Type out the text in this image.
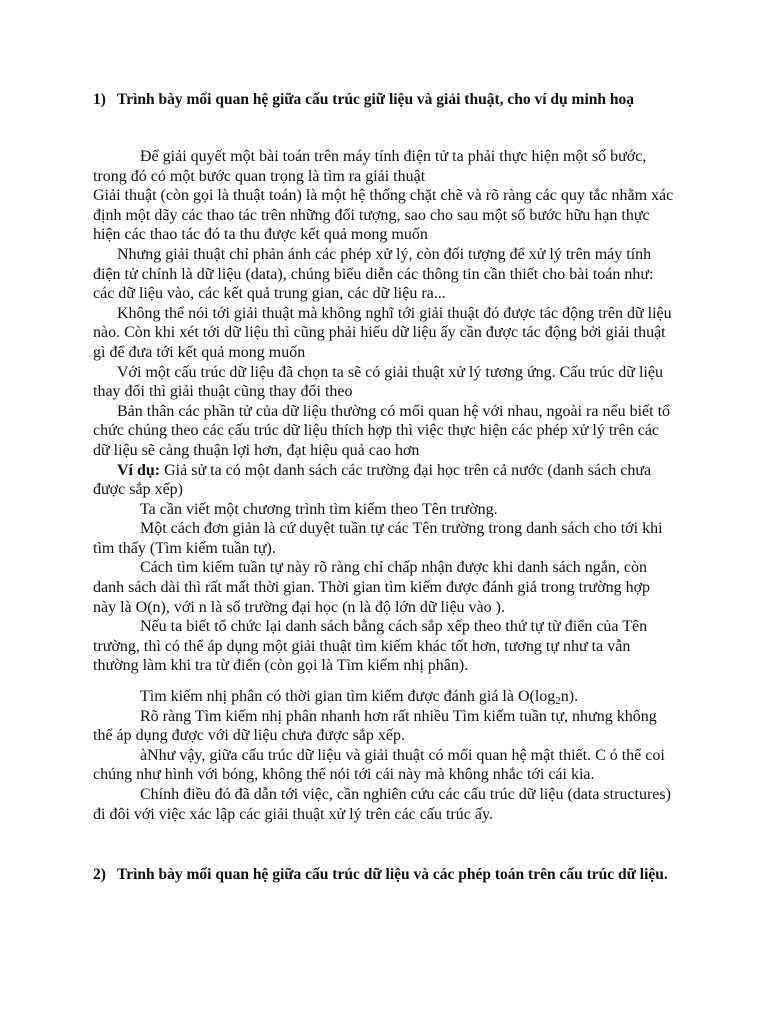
1) Trình bày mối quan hệ giữa cấu trúc giữ liệu và giải thuật, cho ví dụ minh hoạ

Để giải quyết một bài toán trên máy tính điện tử ta phải thực hiện một số bước, trong đó có một bước quan trọng là tìm ra giải thuật

Giải thuật (còn gọi là thuật toán) là một hệ thống chặt chẽ và rõ ràng các quy tắc nhằm xác định một dãy các thao tác trên những đối tượng, sao cho sau một số bước hữu hạn thực hiện các thao tác đó ta thu được kết quả mong muốn

Nhưng giải thuật chỉ phản ánh các phép xử lý, còn đối tượng để xử lý trên máy tính điện tử chính là dữ liệu (data), chúng biểu diễn các thông tin cần thiết cho bài toán như: các dữ liệu vào, các kết quả trung gian, các dữ liệu ra...

Không thể nói tới giải thuật mà không nghĩ tới giải thuật đó được tác động trên dữ liệu nào. Còn khi xét tới dữ liệu thì cũng phải hiểu dữ liệu ấy cần được tác động bởi giải thuật gì để đưa tới kết quả mong muốn

Với một cấu trúc dữ liệu đã chọn ta sẽ có giải thuật xử lý tương ứng. Cấu trúc dữ liệu thay đổi thì giải thuật cũng thay đổi theo

Bản thân các phần tử của dữ liệu thường có mối quan hệ với nhau, ngoài ra nếu biết tổ chức chúng theo các cấu trúc dữ liệu thích hợp thì việc thực hiện các phép xử lý trên các dữ liệu sẽ càng thuận lợi hơn, đạt hiệu quả cao hơn

Ví dụ: Giả sử ta có một danh sách các trường đại học trên cả nước (danh sách chưa được sắp xếp)

Ta cần viết một chương trình tìm kiếm theo Tên trường.

Một cách đơn giản là cứ duyệt tuần tự các Tên trường trong danh sách cho tới khi tìm thấy (Tìm kiếm tuần tự).

Cách tìm kiếm tuần tự này rõ ràng chỉ chấp nhận được khi danh sách ngắn, còn danh sách dài thì rất mất thời gian. Thời gian tìm kiếm được đánh giá trong trường hợp này là O(n), với n là số trường đại học (n là độ lớn dữ liệu vào ).

Nếu ta biết tổ chức lại danh sách bằng cách sắp xếp theo thứ tự từ điển của Tên trường, thì có thể áp dụng một giải thuật tìm kiếm khác tốt hơn, tương tự như ta vẫn thường làm khi tra từ điển (còn gọi là Tìm kiếm nhị phân).

Tìm kiếm nhị phân có thời gian tìm kiếm được đánh giá là $O(\log_2n)$.

Rõ ràng Tìm kiếm nhị phân nhanh hơn rất nhiều Tìm kiếm tuần tự, nhưng không thể áp dụng được với dữ liệu chưa được sắp xếp.

àNhư vậy, giữa cấu trúc dữ liệu và giải thuật có mối quan hệ mật thiết. C ó thể coi chúng như hình với bóng, không thể nói tới cái này mà không nhắc tới cái kia.

Chính điều đó đã dẫn tới việc, cần nghiên cứu các cấu trúc dữ liệu (data structures) đi đôi với việc xác lập các giải thuật xử lý trên các cấu trúc ấy.

2) Trình bày mối quan hệ giữa cấu trúc dữ liệu và các phép toán trên cấu trúc dữ liệu.
